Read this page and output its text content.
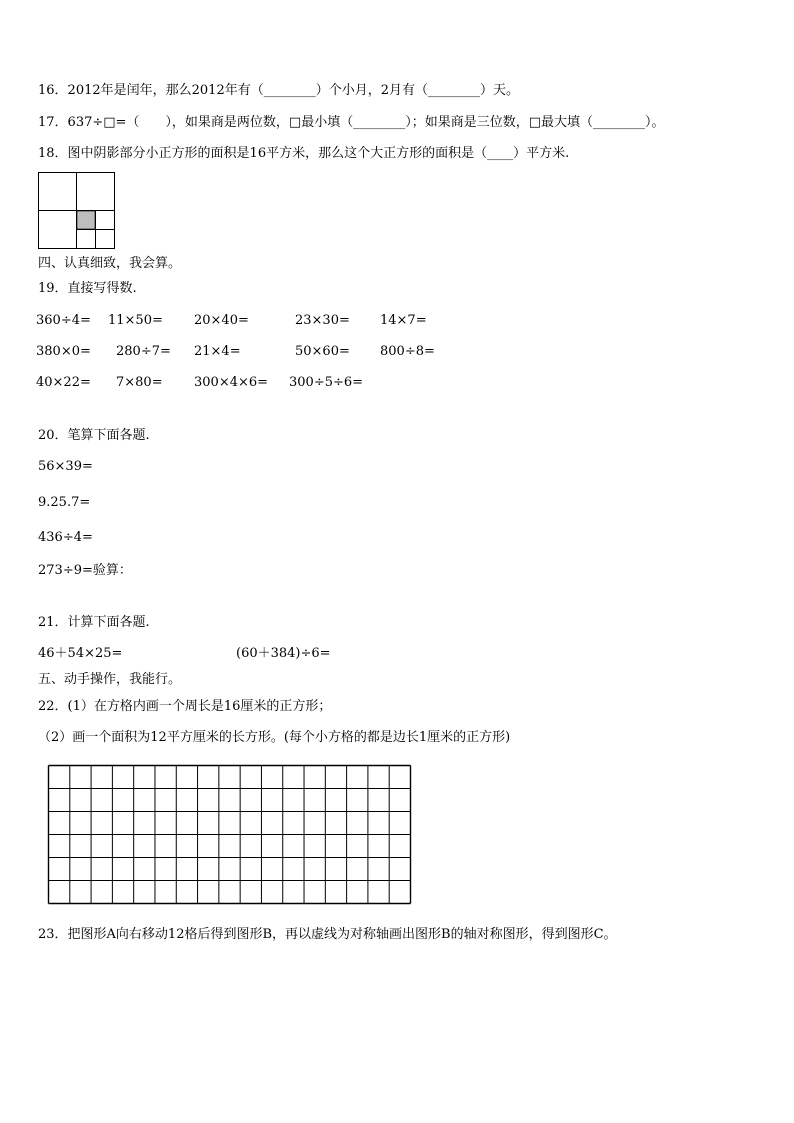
16．2012年是闰年，那么2012年有（________）个小月，2月有（________）天。
17．637÷□=（　　），如果商是两位数，□最小填（________）；如果商是三位数，□最大填（________）。
18．图中阴影部分小正方形的面积是16平方米，那么这个大正方形的面积是（____）平方米.
四、认真细致，我会算。
19．直接写得数.
360÷4= 11×50= 20×40=	23×30= 14×7=
380×0= 280÷7= 21×4=	50×60= 800÷8=
40×22= 7×80= 300×4×6= 300÷5÷6=
20．笔算下面各题.
56×39=
9.25.7=
436÷4=
273÷9=验算：
21．计算下面各题.
46＋54×25=	(60＋384)÷6=
五、动手操作，我能行。
22．(1）在方格内画一个周长是16厘米的正方形；
（2）画一个面积为12平方厘米的长方形。(每个小方格的都是边长1厘米的正方形)
23．把图形A向右移动12格后得到图形B，再以虚线为对称轴画出图形B的轴对称图形，得到图形C。
